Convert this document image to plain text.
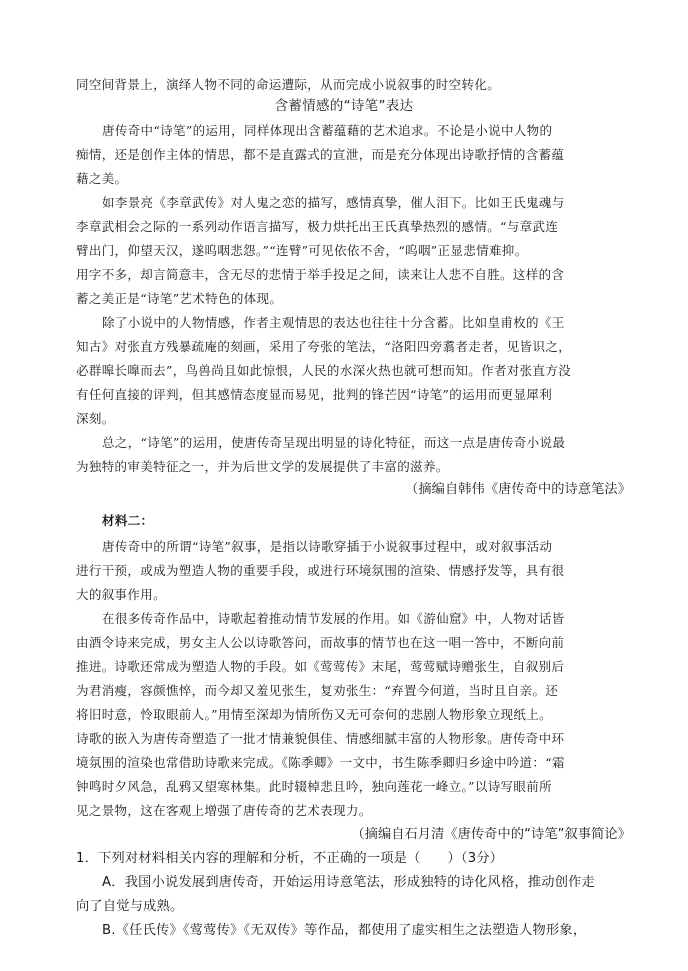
同空间背景上，演绎人物不同的命运遭际，从而完成小说叙事的时空转化。
含蓄情感的“诗笔”表达
唐传奇中“诗笔”的运用，同样体现出含蓄蕴藉的艺术追求。不论是小说中人物的
痴情，还是创作主体的情思，都不是直露式的宣泄，而是充分体现出诗歌抒情的含蓄蕴
藉之美。
如李景亮《李章武传》对人鬼之恋的描写，感情真挚，催人泪下。比如王氏鬼魂与
李章武相会之际的一系列动作语言描写，极力烘托出王氏真挚热烈的感情。“与章武连
臂出门，仰望天汉，遂呜咽悲怨。”“连臂”可见依依不舍，“呜咽”正显悲情难抑。
用字不多，却言简意丰，含无尽的悲情于举手投足之间，读来让人悲不自胜。这样的含
蓄之美正是“诗笔”艺术特色的体现。
除了小说中的人物情感，作者主观情思的表达也往往十分含蓄。比如皇甫枚的《王
知古》对张直方残暴疏庵的刻画，采用了夸张的笔法，“洛阳四旁翥者走者，见皆识之，
必群嗥长嘷而去”，鸟兽尚且如此惊恨，人民的水深火热也就可想而知。作者对张直方没
有任何直接的评判，但其感情态度显而易见，批判的锋芒因“诗笔”的运用而更显犀利
深刻。
总之，“诗笔”的运用，使唐传奇呈现出明显的诗化特征，而这一点是唐传奇小说最
为独特的审美特征之一，并为后世文学的发展提供了丰富的滋养。
（摘编自韩伟《唐传奇中的诗意笔法》
材料二：
唐传奇中的所谓“诗笔”叙事，是指以诗歌穿插于小说叙事过程中，或对叙事活动
进行干预，或成为塑造人物的重要手段，或进行环境氛围的渲染、情感抒发等，具有很
大的叙事作用。
在很多传奇作品中，诗歌起着推动情节发展的作用。如《游仙窟》中，人物对话皆
由酒令诗来完成，男女主人公以诗歌答问，而故事的情节也在这一唱一答中，不断向前
推进。诗歌还常成为塑造人物的手段。如《莺莺传》末尾，莺莺赋诗赠张生，自叙别后
为君消瘦，容颜憔悴，而今却又羞见张生，复劝张生：“弃置今何道，当时且自亲。还
将旧时意，怜取眼前人。”用情至深却为情所伤又无可奈何的悲剧人物形象立现纸上。
诗歌的嵌入为唐传奇塑造了一批才情兼貌俱佳、情感细腻丰富的人物形象。唐传奇中环
境氛围的渲染也常借助诗歌来完成。《陈季卿》一文中，书生陈季卿归乡途中吟道：“霜
钟鸣时夕风急，乱鸦又望寒林集。此时辍棹悲且吟，独向莲花一峰立。”以诗写眼前所
见之景物，这在客观上增强了唐传奇的艺术表现力。
（摘编自石月清《唐传奇中的“诗笔”叙事简论》
1．下列对材料相关内容的理解和分析，不正确的一项是（　　）（3分）
A．我国小说发展到唐传奇，开始运用诗意笔法，形成独特的诗化风格，推动创作走
向了自觉与成熟。
B.《任氏传》《莺莺传》《无双传》等作品，都使用了虚实相生之法塑造人物形象，
